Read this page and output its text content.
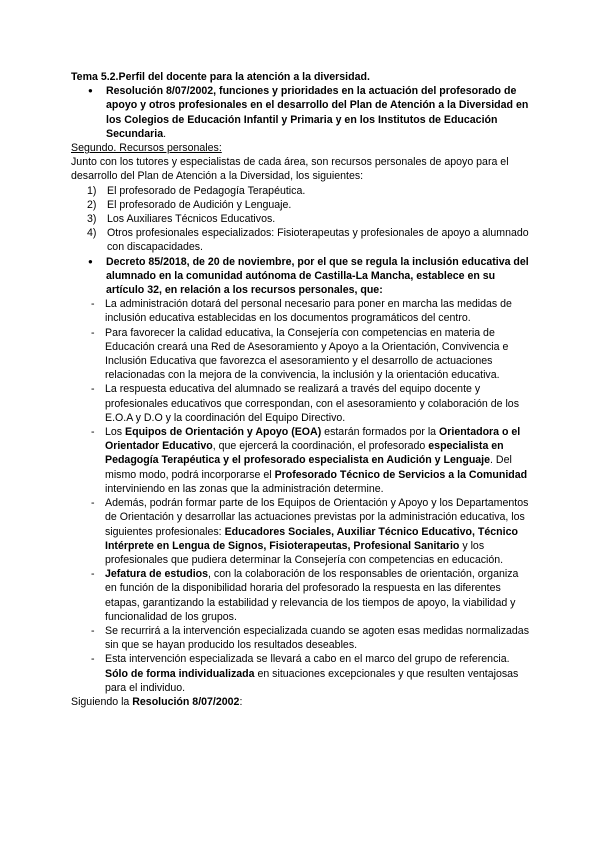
Tema 5.2.Perfil del docente para la atención a la diversidad.

●	Resolución 8/07/2002, funciones y prioridades en la actuación del profesorado de apoyo y otros profesionales en el desarrollo del Plan de Atención a la Diversidad en los Colegios de Educación Infantil y Primaria y en los Institutos de Educación Secundaria.

Segundo. Recursos personales:

Junto con los tutores y especialistas de cada área, son recursos personales de apoyo para el desarrollo del Plan de Atención a la Diversidad, los siguientes:

1) El profesorado de Pedagogía Terapéutica.
2) El profesorado de Audición y Lenguaje.
3) Los Auxiliares Técnicos Educativos.
4) Otros profesionales especializados: Fisioterapeutas y profesionales de apoyo a alumnado con discapacidades.
●	Decreto 85/2018, de 20 de noviembre, por el que se regula la inclusión educativa del alumnado en la comunidad autónoma de Castilla-La Mancha, establece en su artículo 32, en relación a los recursos personales, que:
- La administración dotará del personal necesario para poner en marcha las medidas de inclusión educativa establecidas en los documentos programáticos del centro.
- Para favorecer la calidad educativa, la Consejería con competencias en materia de Educación creará una Red de Asesoramiento y Apoyo a la Orientación, Convivencia e Inclusión Educativa que favorezca el asesoramiento y el desarrollo de actuaciones relacionadas con la mejora de la convivencia, la inclusión y la orientación educativa.
- La respuesta educativa del alumnado se realizará a través del equipo docente y profesionales educativos que correspondan, con el asesoramiento y colaboración de los E.O.A y D.O y la coordinación del Equipo Directivo.
- Los Equipos de Orientación y Apoyo (EOA) estarán formados por la Orientadora o el Orientador Educativo, que ejercerá la coordinación, el profesorado especialista en Pedagogía Terapéutica y el profesorado especialista en Audición y Lenguaje. Del mismo modo, podrá incorporarse el Profesorado Técnico de Servicios a la Comunidad interviniendo en las zonas que la administración determine.
- Además, podrán formar parte de los Equipos de Orientación y Apoyo y los Departamentos de Orientación y desarrollar las actuaciones previstas por la administración educativa, los siguientes profesionales: Educadores Sociales, Auxiliar Técnico Educativo, Técnico Intérprete en Lengua de Signos, Fisioterapeutas, Profesional Sanitario y los profesionales que pudiera determinar la Consejería con competencias en educación.
- Jefatura de estudios, con la colaboración de los responsables de orientación, organiza en función de la disponibilidad horaria del profesorado la respuesta en las diferentes etapas, garantizando la estabilidad y relevancia de los tiempos de apoyo, la viabilidad y funcionalidad de los grupos.
- Se recurrirá a la intervención especializada cuando se agoten esas medidas normalizadas sin que se hayan producido los resultados deseables.
- Esta intervención especializada se llevará a cabo en el marco del grupo de referencia. Sólo de forma individualizada en situaciones excepcionales y que resulten ventajosas para el individuo.

Siguiendo la Resolución 8/07/2002:
